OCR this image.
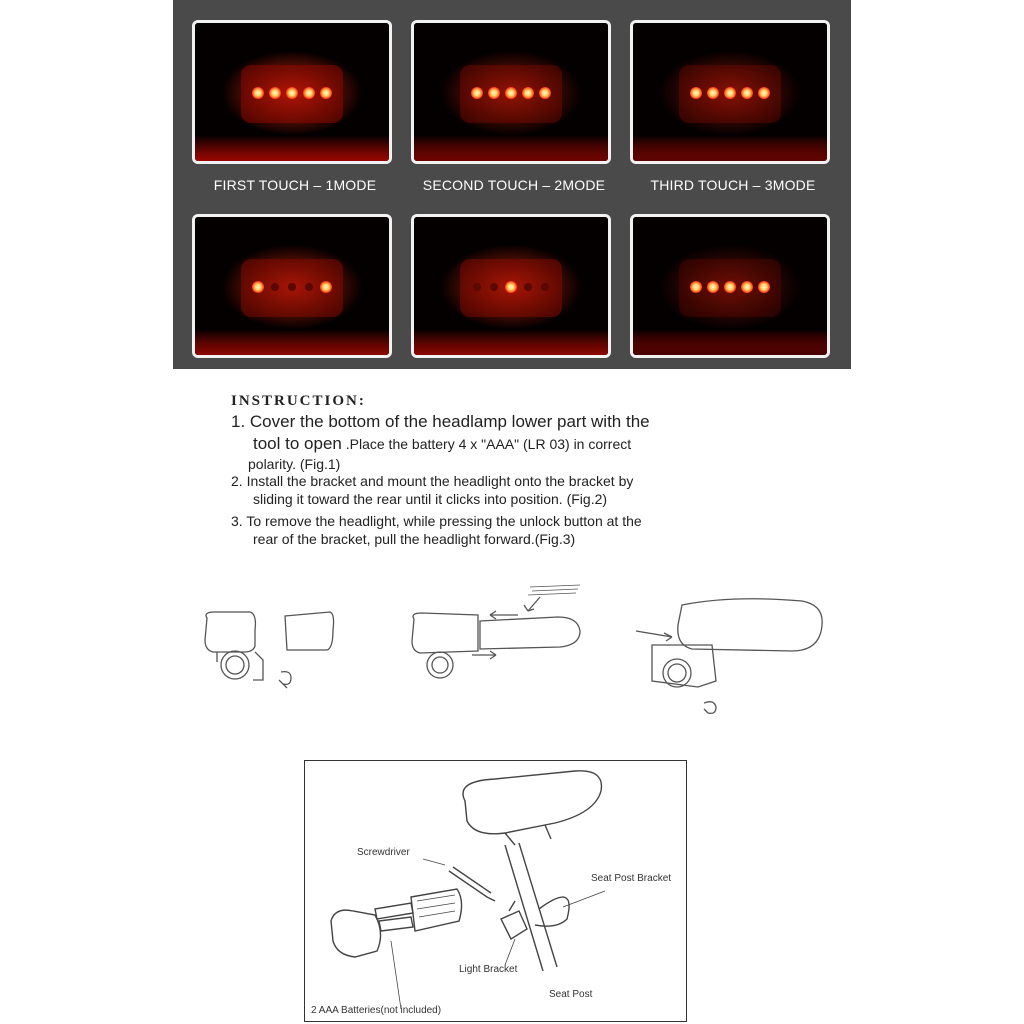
FIRST TOUCH – 1MODE	SECOND TOUCH – 2MODE	THIRD TOUCH – 3MODE
INSTRUCTION:
1. Cover the bottom of the headlamp lower part with the
tool to open .Place the battery 4 x "AAA" (LR 03) in correct
polarity. (Fig.1)
2. Install the bracket and mount the headlight onto the bracket by
sliding it toward the rear until it clicks into position. (Fig.2)
3. To remove the headlight, while pressing the unlock button at the
rear of the bracket, pull the headlight forward.(Fig.3)
Screwdriver
Seat Post Bracket
Light Bracket
Seat Post
2 AAA Batteries(not included)
